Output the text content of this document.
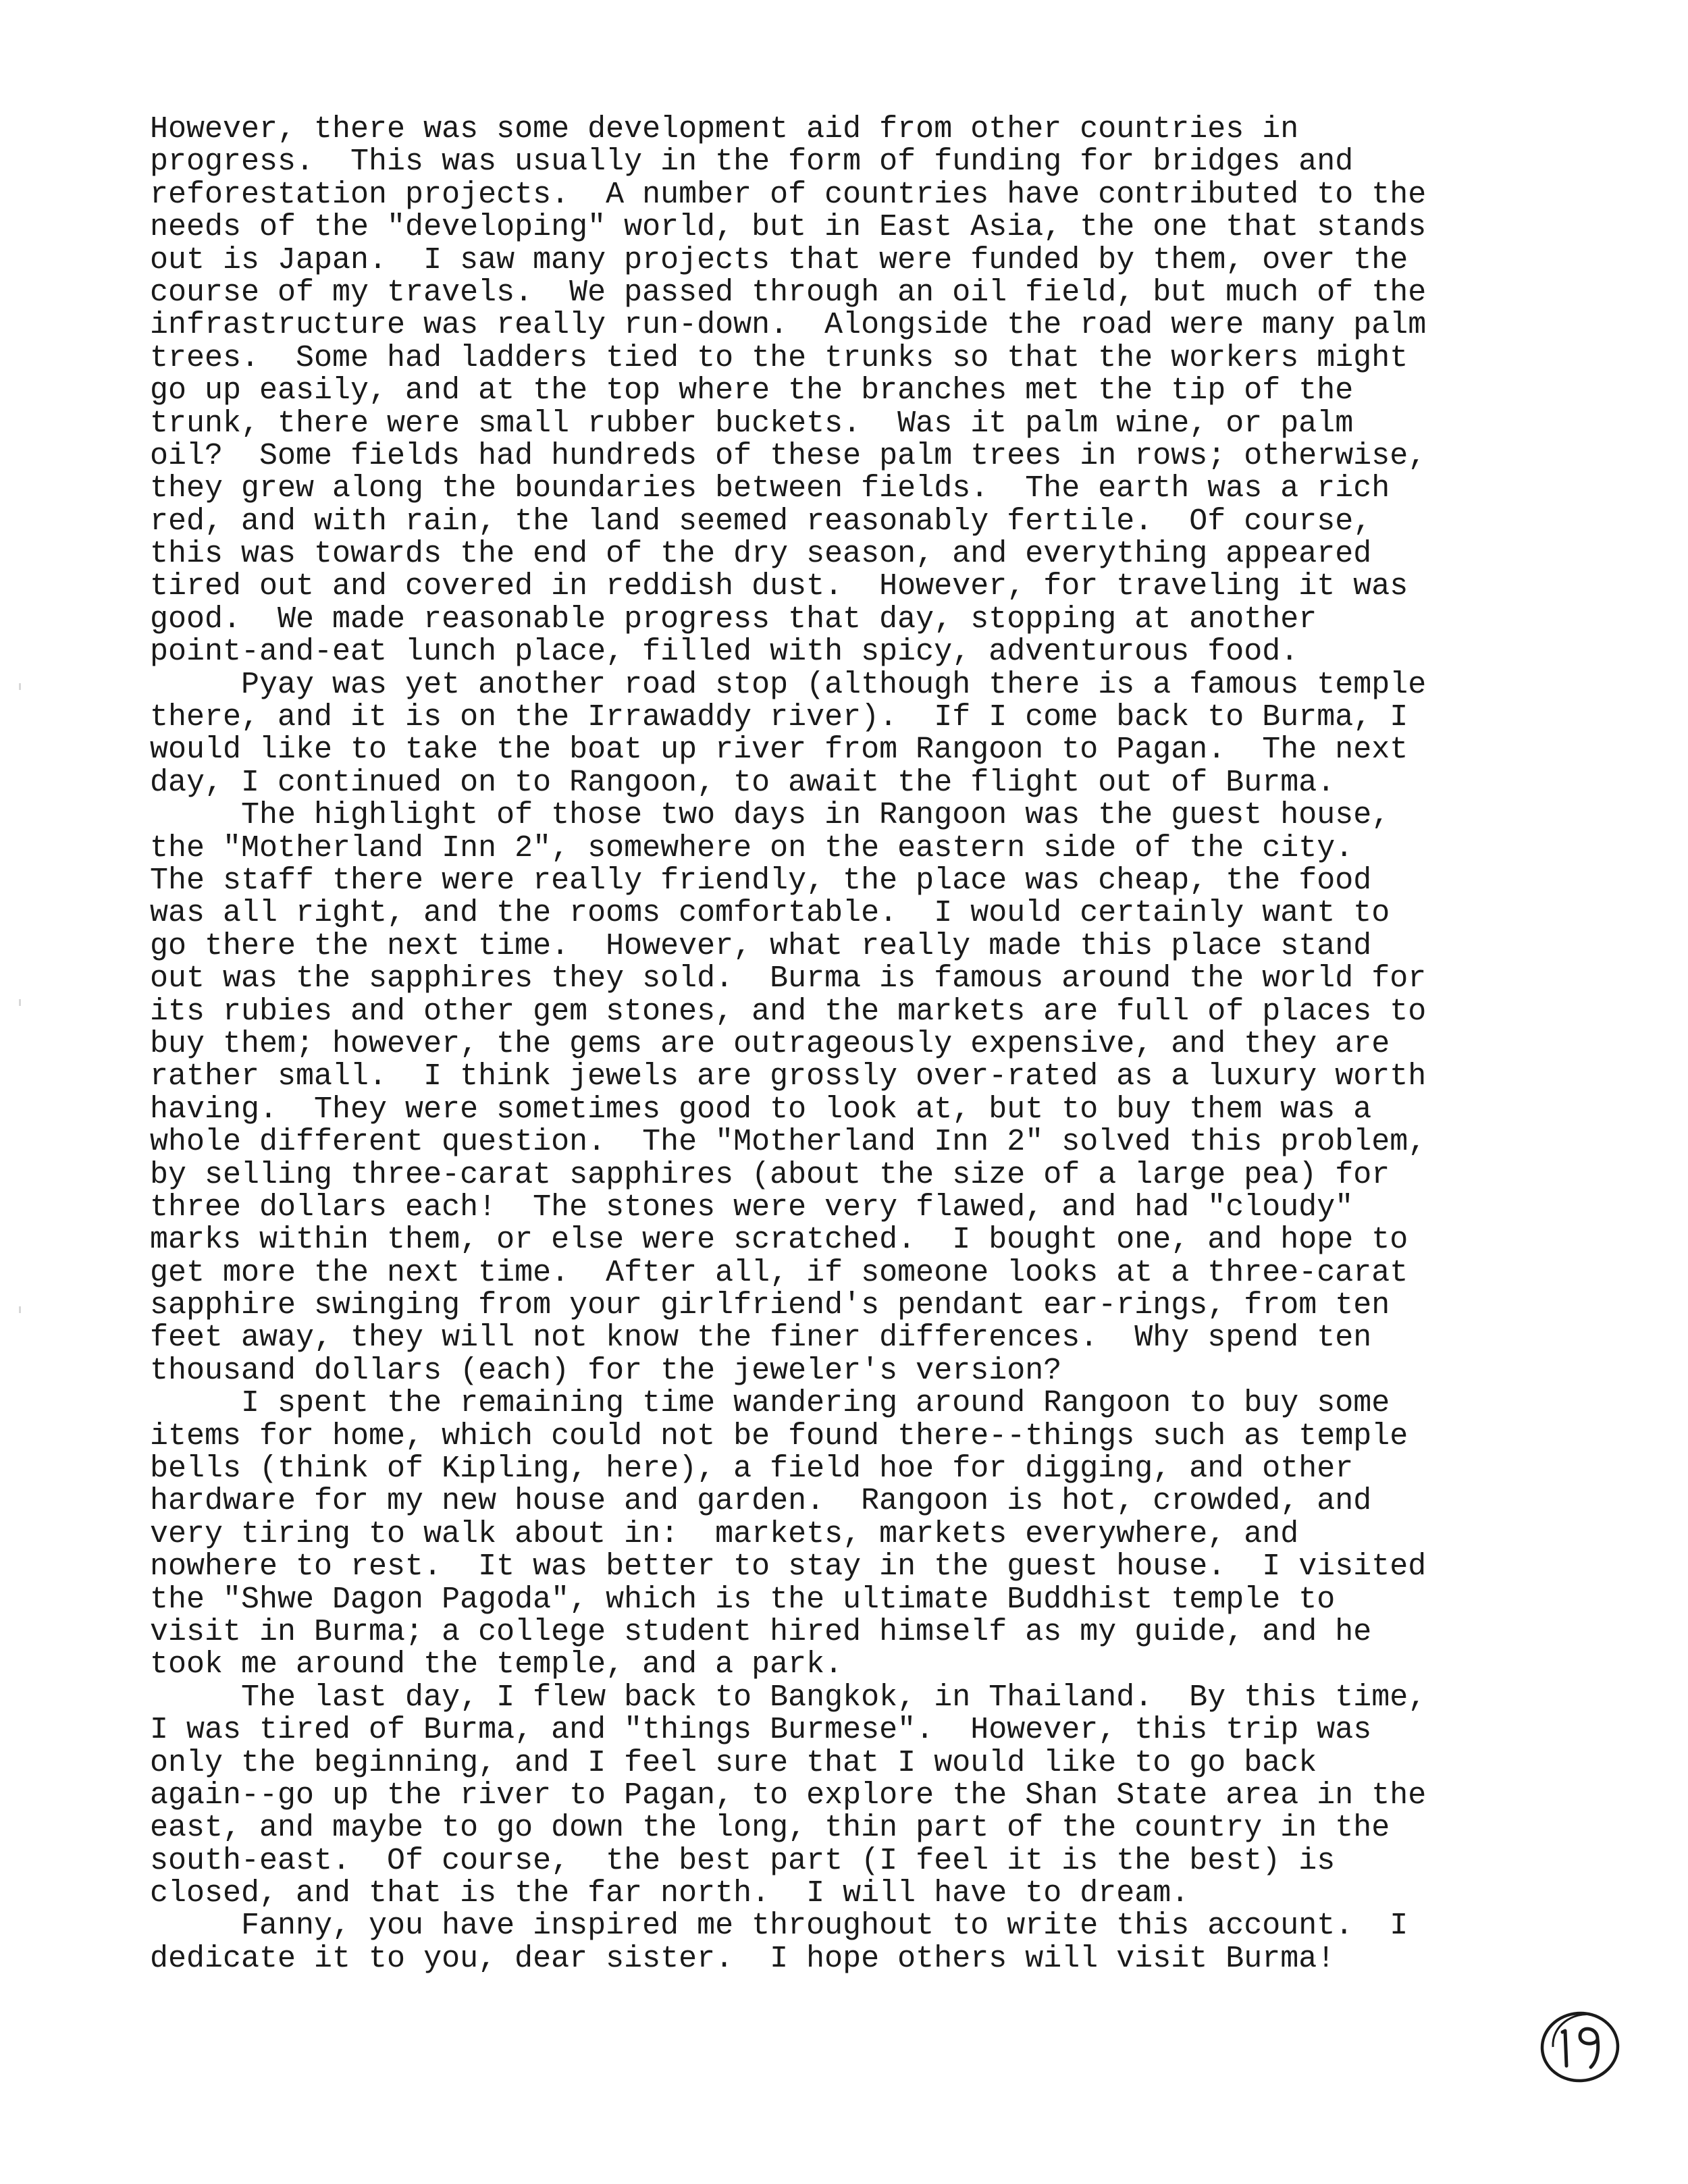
However, there was some development aid from other countries in
progress.  This was usually in the form of funding for bridges and
reforestation projects.  A number of countries have contributed to the
needs of the "developing" world, but in East Asia, the one that stands
out is Japan.  I saw many projects that were funded by them, over the
course of my travels.  We passed through an oil field, but much of the
infrastructure was really run-down.  Alongside the road were many palm
trees.  Some had ladders tied to the trunks so that the workers might
go up easily, and at the top where the branches met the tip of the
trunk, there were small rubber buckets.  Was it palm wine, or palm
oil?  Some fields had hundreds of these palm trees in rows; otherwise,
they grew along the boundaries between fields.  The earth was a rich
red, and with rain, the land seemed reasonably fertile.  Of course,
this was towards the end of the dry season, and everything appeared
tired out and covered in reddish dust.  However, for traveling it was
good.  We made reasonable progress that day, stopping at another
point-and-eat lunch place, filled with spicy, adventurous food.
Pyay was yet another road stop (although there is a famous temple
there, and it is on the Irrawaddy river).  If I come back to Burma, I
would like to take the boat up river from Rangoon to Pagan.  The next
day, I continued on to Rangoon, to await the flight out of Burma.
The highlight of those two days in Rangoon was the guest house,
the "Motherland Inn 2", somewhere on the eastern side of the city.
The staff there were really friendly, the place was cheap, the food
was all right, and the rooms comfortable.  I would certainly want to
go there the next time.  However, what really made this place stand
out was the sapphires they sold.  Burma is famous around the world for
its rubies and other gem stones, and the markets are full of places to
buy them; however, the gems are outrageously expensive, and they are
rather small.  I think jewels are grossly over-rated as a luxury worth
having.  They were sometimes good to look at, but to buy them was a
whole different question.  The "Motherland Inn 2" solved this problem,
by selling three-carat sapphires (about the size of a large pea) for
three dollars each!  The stones were very flawed, and had "cloudy"
marks within them, or else were scratched.  I bought one, and hope to
get more the next time.  After all, if someone looks at a three-carat
sapphire swinging from your girlfriend's pendant ear-rings, from ten
feet away, they will not know the finer differences.  Why spend ten
thousand dollars (each) for the jeweler's version?
I spent the remaining time wandering around Rangoon to buy some
items for home, which could not be found there--things such as temple
bells (think of Kipling, here), a field hoe for digging, and other
hardware for my new house and garden.  Rangoon is hot, crowded, and
very tiring to walk about in:  markets, markets everywhere, and
nowhere to rest.  It was better to stay in the guest house.  I visited
the "Shwe Dagon Pagoda", which is the ultimate Buddhist temple to
visit in Burma; a college student hired himself as my guide, and he
took me around the temple, and a park.
The last day, I flew back to Bangkok, in Thailand.  By this time,
I was tired of Burma, and "things Burmese".  However, this trip was
only the beginning, and I feel sure that I would like to go back
again--go up the river to Pagan, to explore the Shan State area in the
east, and maybe to go down the long, thin part of the country in the
south-east.  Of course,  the best part (I feel it is the best) is
closed, and that is the far north.  I will have to dream.
Fanny, you have inspired me throughout to write this account.  I
dedicate it to you, dear sister.  I hope others will visit Burma!
